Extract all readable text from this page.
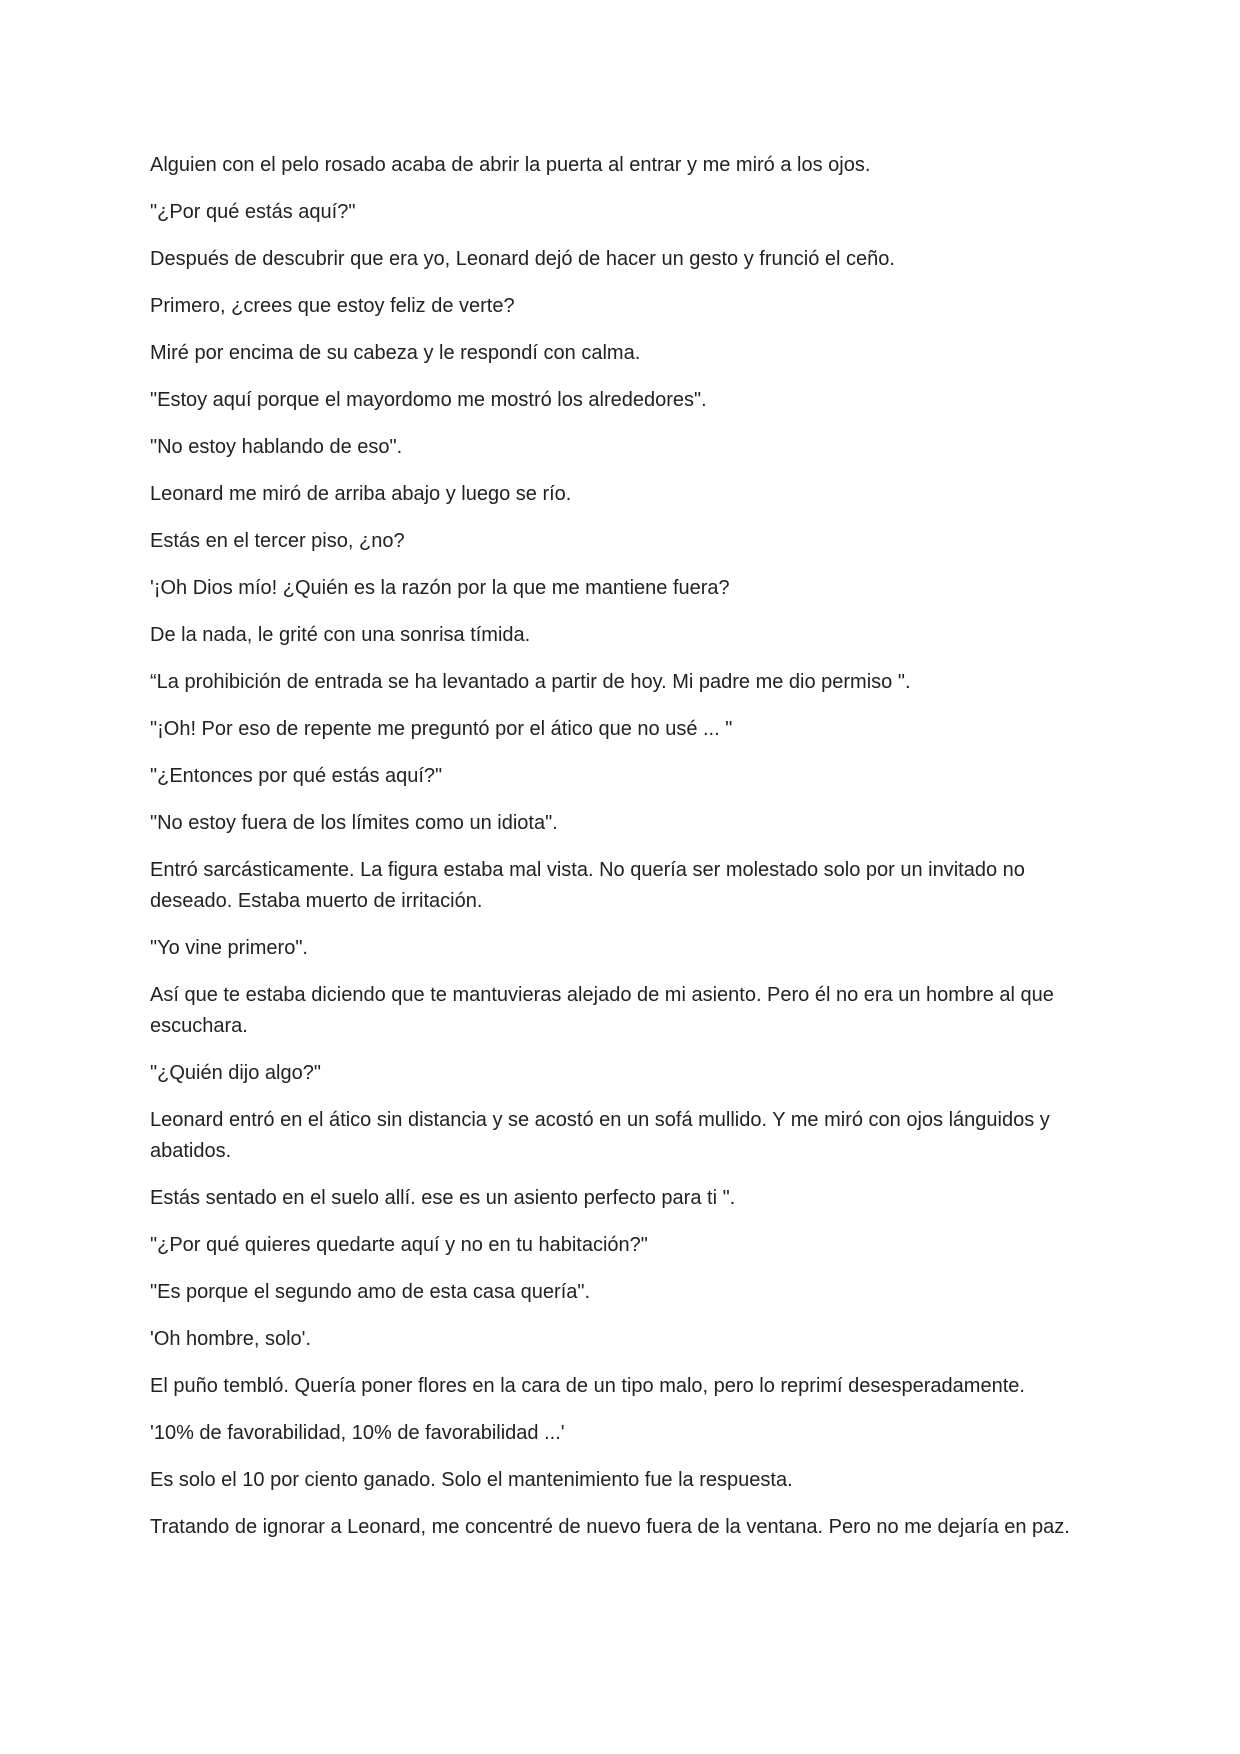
Alguien con el pelo rosado acaba de abrir la puerta al entrar y me miró a los ojos.

"¿Por qué estás aquí?"

Después de descubrir que era yo, Leonard dejó de hacer un gesto y frunció el ceño.

Primero, ¿crees que estoy feliz de verte?

Miré por encima de su cabeza y le respondí con calma.

"Estoy aquí porque el mayordomo me mostró los alrededores".

"No estoy hablando de eso".

Leonard me miró de arriba abajo y luego se río.

Estás en el tercer piso, ¿no?

'¡Oh Dios mío! ¿Quién es la razón por la que me mantiene fuera?

De la nada, le grité con una sonrisa tímida.

“La prohibición de entrada se ha levantado a partir de hoy. Mi padre me dio permiso ".

"¡Oh! Por eso de repente me preguntó por el ático que no usé ... "

"¿Entonces por qué estás aquí?"

"No estoy fuera de los límites como un idiota".

Entró sarcásticamente. La figura estaba mal vista. No quería ser molestado solo por un invitado no deseado. Estaba muerto de irritación.

"Yo vine primero".

Así que te estaba diciendo que te mantuvieras alejado de mi asiento. Pero él no era un hombre al que escuchara.

"¿Quién dijo algo?"

Leonard entró en el ático sin distancia y se acostó en un sofá mullido. Y me miró con ojos lánguidos y abatidos.

Estás sentado en el suelo allí. ese es un asiento perfecto para ti ".

"¿Por qué quieres quedarte aquí y no en tu habitación?"

"Es porque el segundo amo de esta casa quería".

'Oh hombre, solo'.

El puño tembló. Quería poner flores en la cara de un tipo malo, pero lo reprimí desesperadamente.

'10% de favorabilidad, 10% de favorabilidad ...'

Es solo el 10 por ciento ganado. Solo el mantenimiento fue la respuesta.

Tratando de ignorar a Leonard, me concentré de nuevo fuera de la ventana. Pero no me dejaría en paz.
